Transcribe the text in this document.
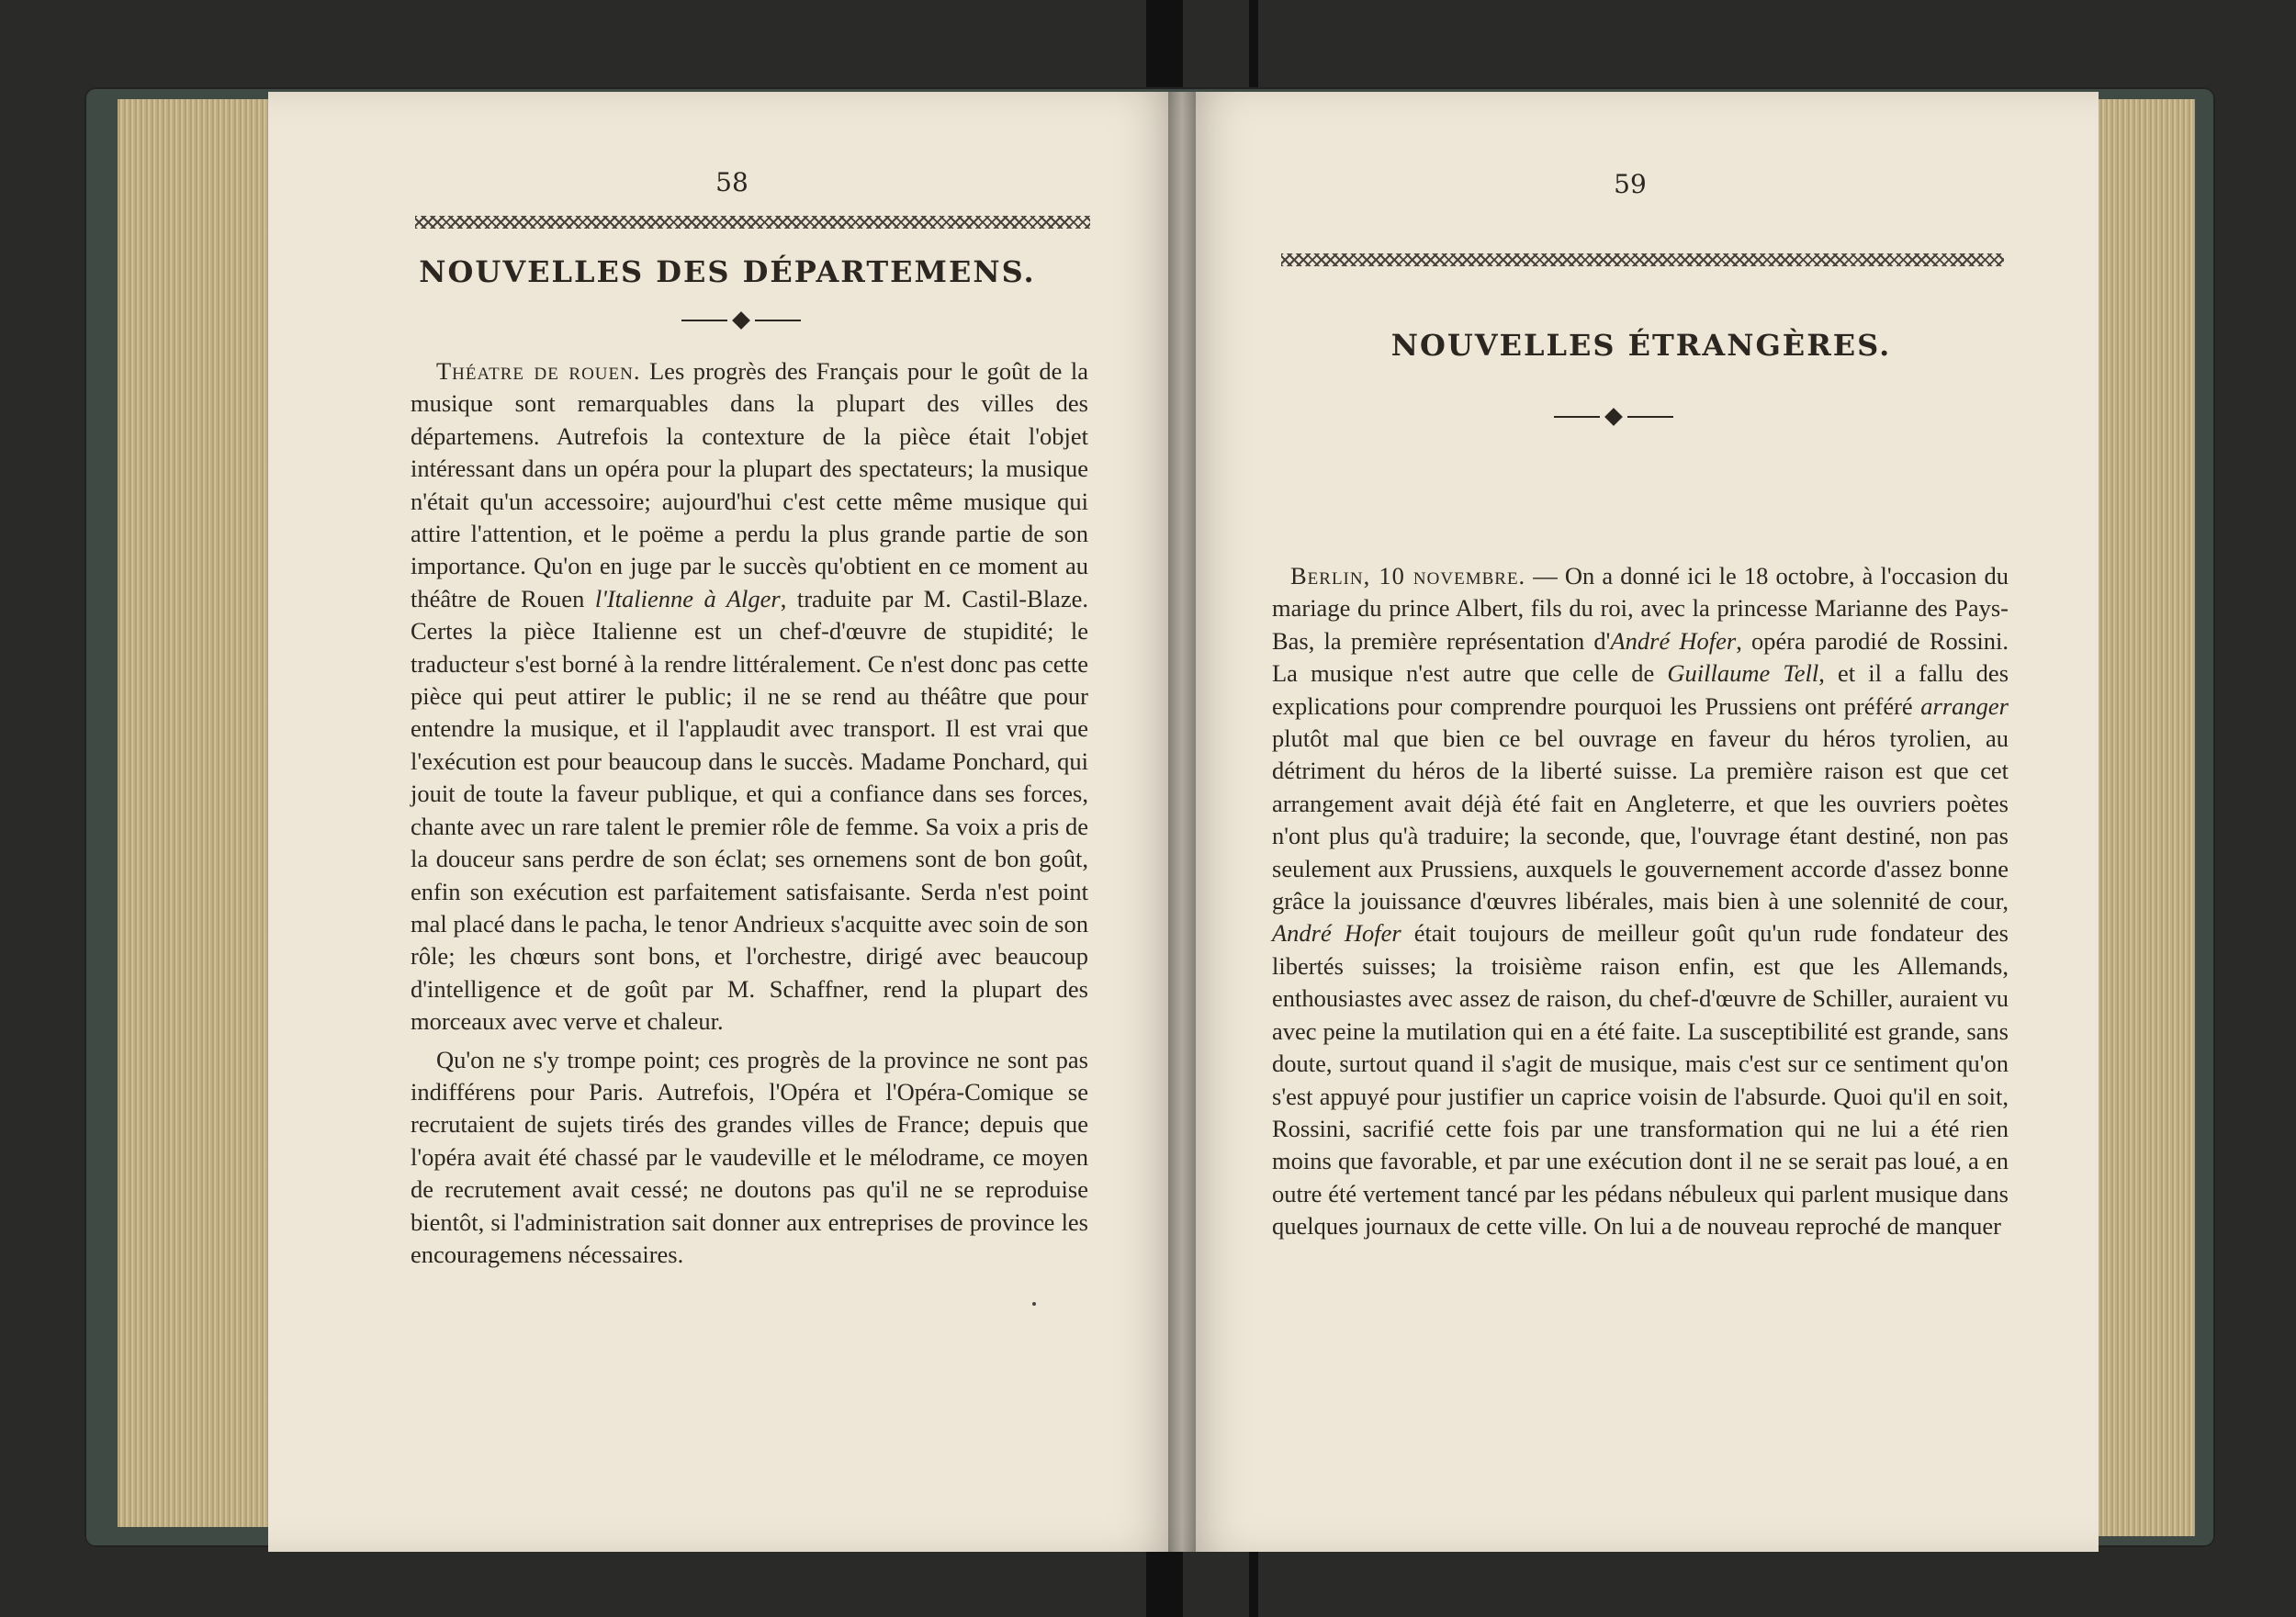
58
NOUVELLES DES DÉPARTEMENS.

Théatre de rouen. Les progrès des Français pour le goût de la musique sont remarquables dans la plupart des villes des départemens. Autrefois la contexture de la pièce était l'objet intéressant dans un opéra pour la plupart des spectateurs; la musique n'était qu'un accessoire; aujourd'hui c'est cette même musique qui attire l'attention, et le poëme a perdu la plus grande partie de son importance. Qu'on en juge par le succès qu'obtient en ce moment au théâtre de Rouen l'Italienne à Alger, traduite par M. Castil-Blaze. Certes la pièce Italienne est un chef-d'œuvre de stupidité; le traducteur s'est borné à la rendre littéralement. Ce n'est donc pas cette pièce qui peut attirer le public; il ne se rend au théâtre que pour entendre la musique, et il l'applaudit avec transport. Il est vrai que l'exécution est pour beaucoup dans le succès. Madame Ponchard, qui jouit de toute la faveur publique, et qui a confiance dans ses forces, chante avec un rare talent le premier rôle de femme. Sa voix a pris de la douceur sans perdre de son éclat; ses ornemens sont de bon goût, enfin son exécution est parfaitement satisfaisante. Serda n'est point mal placé dans le pacha, le tenor Andrieux s'acquitte avec soin de son rôle; les chœurs sont bons, et l'orchestre, dirigé avec beaucoup d'intelligence et de goût par M. Schaffner, rend la plupart des morceaux avec verve et chaleur.

Qu'on ne s'y trompe point; ces progrès de la province ne sont pas indifférens pour Paris. Autrefois, l'Opéra et l'Opéra-Comique se recrutaient de sujets tirés des grandes villes de France; depuis que l'opéra avait été chassé par le vaudeville et le mélodrame, ce moyen de recrutement avait cessé; ne doutons pas qu'il ne se reproduise bientôt, si l'administration sait donner aux entreprises de province les encouragemens nécessaires.

59
NOUVELLES ÉTRANGÈRES.

Berlin, 10 novembre. — On a donné ici le 18 octobre, à l'occasion du mariage du prince Albert, fils du roi, avec la princesse Marianne des Pays-Bas, la première représentation d'André Hofer, opéra parodié de Rossini. La musique n'est autre que celle de Guillaume Tell, et il a fallu des explications pour comprendre pourquoi les Prussiens ont préféré arranger plutôt mal que bien ce bel ouvrage en faveur du héros tyrolien, au détriment du héros de la liberté suisse. La première raison est que cet arrangement avait déjà été fait en Angleterre, et que les ouvriers poètes n'ont plus qu'à traduire; la seconde, que, l'ouvrage étant destiné, non pas seulement aux Prussiens, auxquels le gouvernement accorde d'assez bonne grâce la jouissance d'œuvres libérales, mais bien à une solennité de cour, André Hofer était toujours de meilleur goût qu'un rude fondateur des libertés suisses; la troisième raison enfin, est que les Allemands, enthousiastes avec assez de raison, du chef-d'œuvre de Schiller, auraient vu avec peine la mutilation qui en a été faite. La susceptibilité est grande, sans doute, surtout quand il s'agit de musique, mais c'est sur ce sentiment qu'on s'est appuyé pour justifier un caprice voisin de l'absurde. Quoi qu'il en soit, Rossini, sacrifié cette fois par une transformation qui ne lui a été rien moins que favorable, et par une exécution dont il ne se serait pas loué, a en outre été vertement tancé par les pédans nébuleux qui parlent musique dans quelques journaux de cette ville. On lui a de nouveau reproché de manquer
